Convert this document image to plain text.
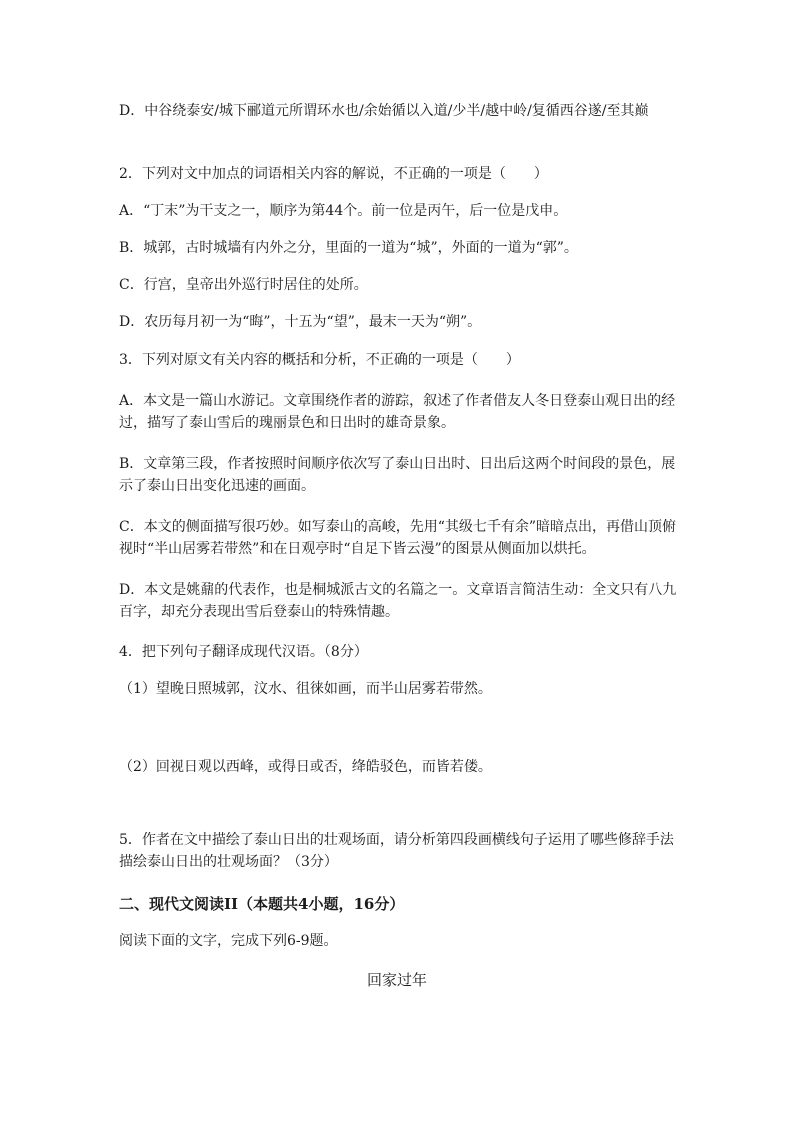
D．中谷绕泰安/城下郦道元所谓环水也/余始循以入道/少半/越中岭/复循西谷遂/至其巅
2．下列对文中加点的词语相关内容的解说，不正确的一项是（　　）
A．“丁末”为干支之一，顺序为第44个。前一位是丙午，后一位是戊申。
B．城郭，古时城墙有内外之分，里面的一道为“城”，外面的一道为“郭”。
C．行宫，皇帝出外巡行时居住的处所。
D．农历每月初一为“晦”，十五为“望”，最末一天为“朔”。
3．下列对原文有关内容的概括和分析，不正确的一项是（　　）
A．本文是一篇山水游记。文章围绕作者的游踪，叙述了作者借友人冬日登泰山观日出的经过，描写了泰山雪后的瑰丽景色和日出时的雄奇景象。
B．文章第三段，作者按照时间顺序依次写了泰山日出时、日出后这两个时间段的景色，展示了泰山日出变化迅速的画面。
C．本文的侧面描写很巧妙。如写泰山的高峻，先用“其级七千有余”暗暗点出，再借山顶俯视时“半山居雾若带然”和在日观亭时“自足下皆云漫”的图景从侧面加以烘托。
D．本文是姚鼐的代表作，也是桐城派古文的名篇之一。文章语言简洁生动：全文只有八九百字，却充分表现出雪后登泰山的特殊情趣。
4．把下列句子翻译成现代汉语。（8分）
（1）望晚日照城郭，汶水、徂徕如画，而半山居雾若带然。
（2）回视日观以西峰，或得日或否，绛皓驳色，而皆若偻。
5．作者在文中描绘了泰山日出的壮观场面，请分析第四段画横线句子运用了哪些修辞手法描绘泰山日出的壮观场面？（3分）
二、现代文阅读II（本题共4小题，16分）
阅读下面的文字，完成下列6-9题。
回家过年
